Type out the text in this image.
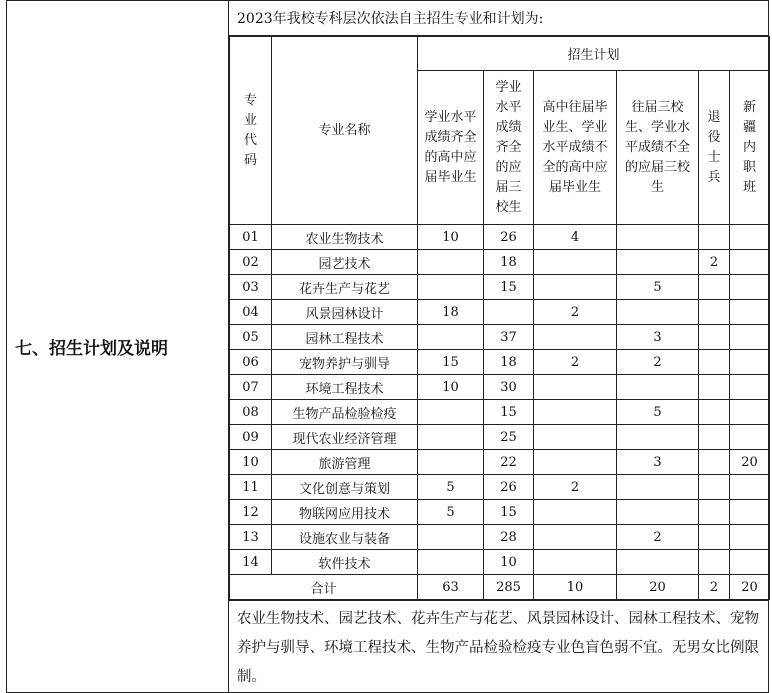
七、招生计划及说明	2023年我校专科层次依法自主招生专业和计划为:

专业代码	专业名称	招生计划
学业水平成绩齐全的高中应届毕业生	学业水平成绩齐全的应届三校生	高中往届毕业生、学业水平成绩不全的高中应届毕业生	往届三校生、学业水平成绩不全的应届三校生	退役士兵	新疆内职班
01	农业生物技术	10	26	4			
02	园艺技术		18			2	
03	花卉生产与花艺		15		5		
04	风景园林设计	18		2			
05	园林工程技术		37		3		
06	宠物养护与驯导	15	18	2	2		
07	环境工程技术	10	30				
08	生物产品检验检疫		15		5		
09	现代农业经济管理		25				
10	旅游管理		22		3		20
11	文化创意与策划	5	26	2			
12	物联网应用技术	5	15				
13	设施农业与装备		28		2		
14	软件技术		10				
合计	63	285	10	20	2	20

农业生物技术、园艺技术、花卉生产与花艺、风景园林设计、园林工程技术、宠物养护与驯导、环境工程技术、生物产品检验检疫专业色盲色弱不宜。无男女比例限制。
